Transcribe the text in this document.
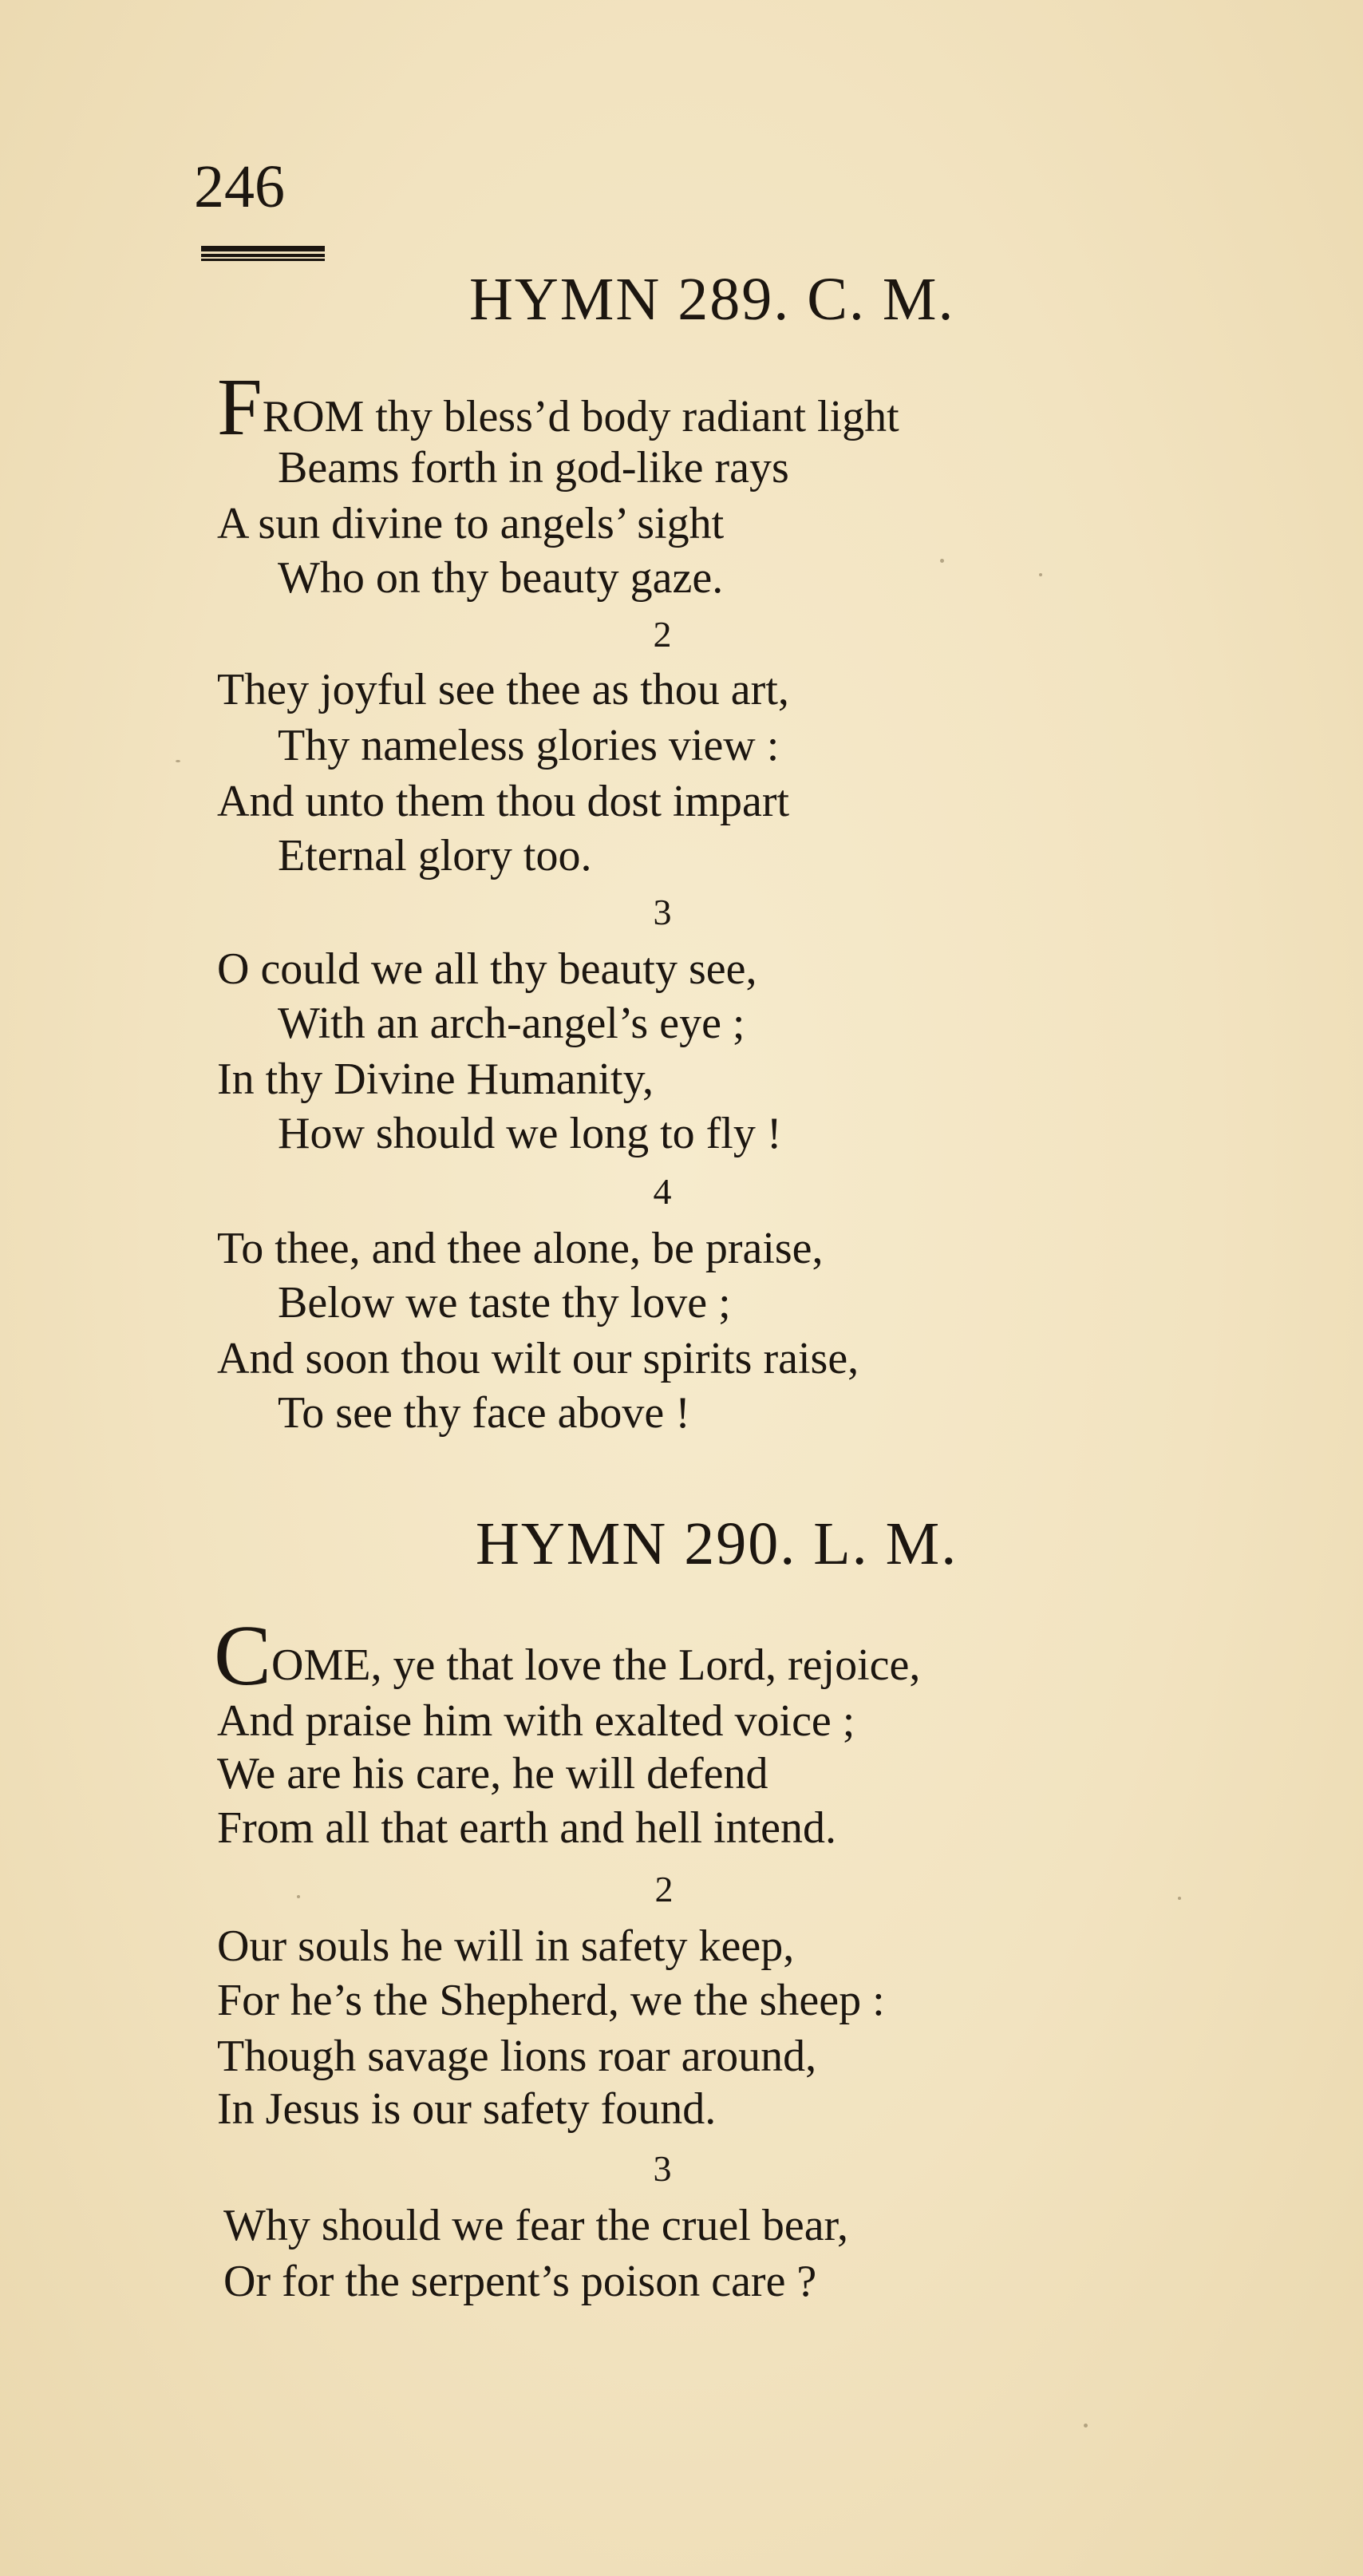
246
HYMN 289. C. M.
FROM thy bless’d body radiant light
Beams forth in god-like rays
A sun divine to angels’ sight
Who on thy beauty gaze.
2
They joyful see thee as thou art,
Thy nameless glories view :
And unto them thou dost impart
Eternal glory too.
3
O could we all thy beauty see,
With an arch-angel’s eye ;
In thy Divine Humanity,
How should we long to fly !
4
To thee, and thee alone, be praise,
Below we taste thy love ;
And soon thou wilt our spirits raise,
To see thy face above !
HYMN 290. L. M.
COME, ye that love the Lord, rejoice,
And praise him with exalted voice ;
We are his care, he will defend
From all that earth and hell intend.
2
Our souls he will in safety keep,
For he’s the Shepherd, we the sheep :
Though savage lions roar around,
In Jesus is our safety found.
3
Why should we fear the cruel bear,
Or for the serpent’s poison care ?
